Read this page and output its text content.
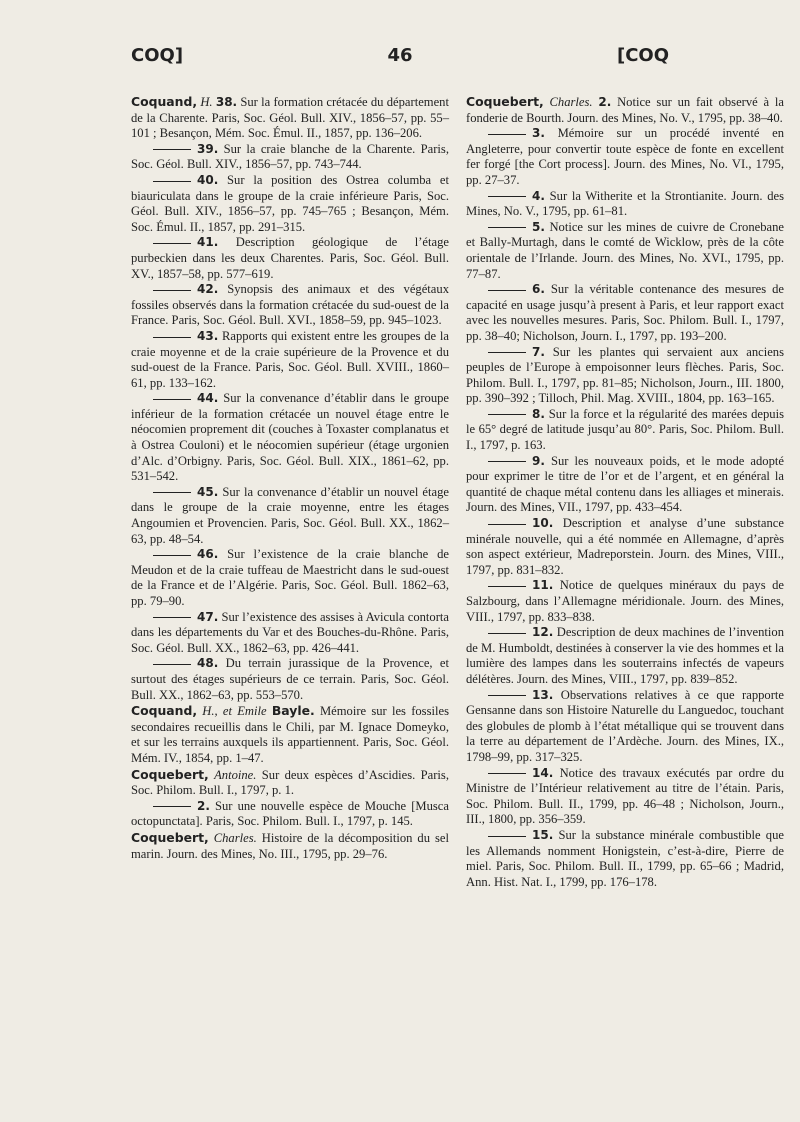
COQ]	46	[COQ

Coquand, H. 38. Sur la formation crétacée du département de la Charente. Paris, Soc. Géol. Bull. XIV., 1856–57, pp. 55–101 ; Besançon, Mém. Soc. Émul. II., 1857, pp. 136–206.

39. Sur la craie blanche de la Charente. Paris, Soc. Géol. Bull. XIV., 1856–57, pp. 743–744.

40. Sur la position des Ostrea columba et biauriculata dans le groupe de la craie inférieure Paris, Soc. Géol. Bull. XIV., 1856–57, pp. 745–765 ; Besançon, Mém. Soc. Émul. II., 1857, pp. 291–315.

41. Description géologique de l’étage purbeckien dans les deux Charentes. Paris, Soc. Géol. Bull. XV., 1857–58, pp. 577–619.

42. Synopsis des animaux et des végétaux fossiles observés dans la formation crétacée du sud-ouest de la France. Paris, Soc. Géol. Bull. XVI., 1858–59, pp. 945–1023.

43. Rapports qui existent entre les groupes de la craie moyenne et de la craie supérieure de la Provence et du sud-ouest de la France. Paris, Soc. Géol. Bull. XVIII., 1860–61, pp. 133–162.

44. Sur la convenance d’établir dans le groupe inférieur de la formation crétacée un nouvel étage entre le néocomien proprement dit (couches à Toxaster complanatus et à Ostrea Couloni) et le néocomien supérieur (étage urgonien d’Alc. d’Orbigny. Paris, Soc. Géol. Bull. XIX., 1861–62, pp. 531–542.

45. Sur la convenance d’établir un nouvel étage dans le groupe de la craie moyenne, entre les étages Angoumien et Provencien. Paris, Soc. Géol. Bull. XX., 1862–63, pp. 48–54.

46. Sur l’existence de la craie blanche de Meudon et de la craie tuffeau de Maestricht dans le sud-ouest de la France et de l’Algérie. Paris, Soc. Géol. Bull. 1862–63, pp. 79–90.

47. Sur l’existence des assises à Avicula contorta dans les départements du Var et des Bouches-du-Rhône. Paris, Soc. Géol. Bull. XX., 1862–63, pp. 426–441.

48. Du terrain jurassique de la Provence, et surtout des étages supérieurs de ce terrain. Paris, Soc. Géol. Bull. XX., 1862–63, pp. 553–570.

Coquand, H., et Emile Bayle. Mémoire sur les fossiles secondaires recueillis dans le Chili, par M. Ignace Domeyko, et sur les terrains auxquels ils appartiennent. Paris, Soc. Géol. Mém. IV., 1854, pp. 1–47.

Coquebert, Antoine. Sur deux espèces d’Ascidies. Paris, Soc. Philom. Bull. I., 1797, p. 1.

2. Sur une nouvelle espèce de Mouche [Musca octopunctata]. Paris, Soc. Philom. Bull. I., 1797, p. 145.

Coquebert, Charles. Histoire de la décomposition du sel marin. Journ. des Mines, No. III., 1795, pp. 29–76.

Coquebert, Charles. 2. Notice sur un fait observé à la fonderie de Bourth. Journ. des Mines, No. V., 1795, pp. 38–40.

3. Mémoire sur un procédé inventé en Angleterre, pour convertir toute espèce de fonte en excellent fer forgé [the Cort process]. Journ. des Mines, No. VI., 1795, pp. 27–37.

4. Sur la Witherite et la Strontianite. Journ. des Mines, No. V., 1795, pp. 61–81.

5. Notice sur les mines de cuivre de Cronebane et Bally-Murtagh, dans le comté de Wicklow, près de la côte orientale de l’Irlande. Journ. des Mines, No. XVI., 1795, pp. 77–87.

6. Sur la véritable contenance des mesures de capacité en usage jusqu’à present à Paris, et leur rapport exact avec les nouvelles mesures. Paris, Soc. Philom. Bull. I., 1797, pp. 38–40; Nicholson, Journ. I., 1797, pp. 193–200.

7. Sur les plantes qui servaient aux anciens peuples de l’Europe à empoisonner leurs flèches. Paris, Soc. Philom. Bull. I., 1797, pp. 81–85; Nicholson, Journ., III. 1800, pp. 390–392 ; Tilloch, Phil. Mag. XVIII., 1804, pp. 163–165.

8. Sur la force et la régularité des marées depuis le 65° degré de latitude jusqu’au 80°. Paris, Soc. Philom. Bull. I., 1797, p. 163.

9. Sur les nouveaux poids, et le mode adopté pour exprimer le titre de l’or et de l’argent, et en général la quantité de chaque métal contenu dans les alliages et minerais. Journ. des Mines, VII., 1797, pp. 433–454.

10. Description et analyse d’une substance minérale nouvelle, qui a été nommée en Allemagne, d’après son aspect extérieur, Madreporstein. Journ. des Mines, VIII., 1797, pp. 831–832.

11. Notice de quelques minéraux du pays de Salzbourg, dans l’Allemagne méridionale. Journ. des Mines, VIII., 1797, pp. 833–838.

12. Description de deux machines de l’invention de M. Humboldt, destinées à conserver la vie des hommes et la lumière des lampes dans les souterrains infectés de vapeurs délétères. Journ. des Mines, VIII., 1797, pp. 839–852.

13. Observations relatives à ce que rapporte Gensanne dans son Histoire Naturelle du Languedoc, touchant des globules de plomb à l’état métallique qui se trouvent dans la terre au département de l’Ardèche. Journ. des Mines, IX., 1798–99, pp. 317–325.

14. Notice des travaux exécutés par ordre du Ministre de l’Intérieur relativement au titre de l’étain. Paris, Soc. Philom. Bull. II., 1799, pp. 46–48 ; Nicholson, Journ., III., 1800, pp. 356–359.

15. Sur la substance minérale combustible que les Allemands nomment Honigstein, c’est-à-dire, Pierre de miel. Paris, Soc. Philom. Bull. II., 1799, pp. 65–66 ; Madrid, Ann. Hist. Nat. I., 1799, pp. 176–178.
